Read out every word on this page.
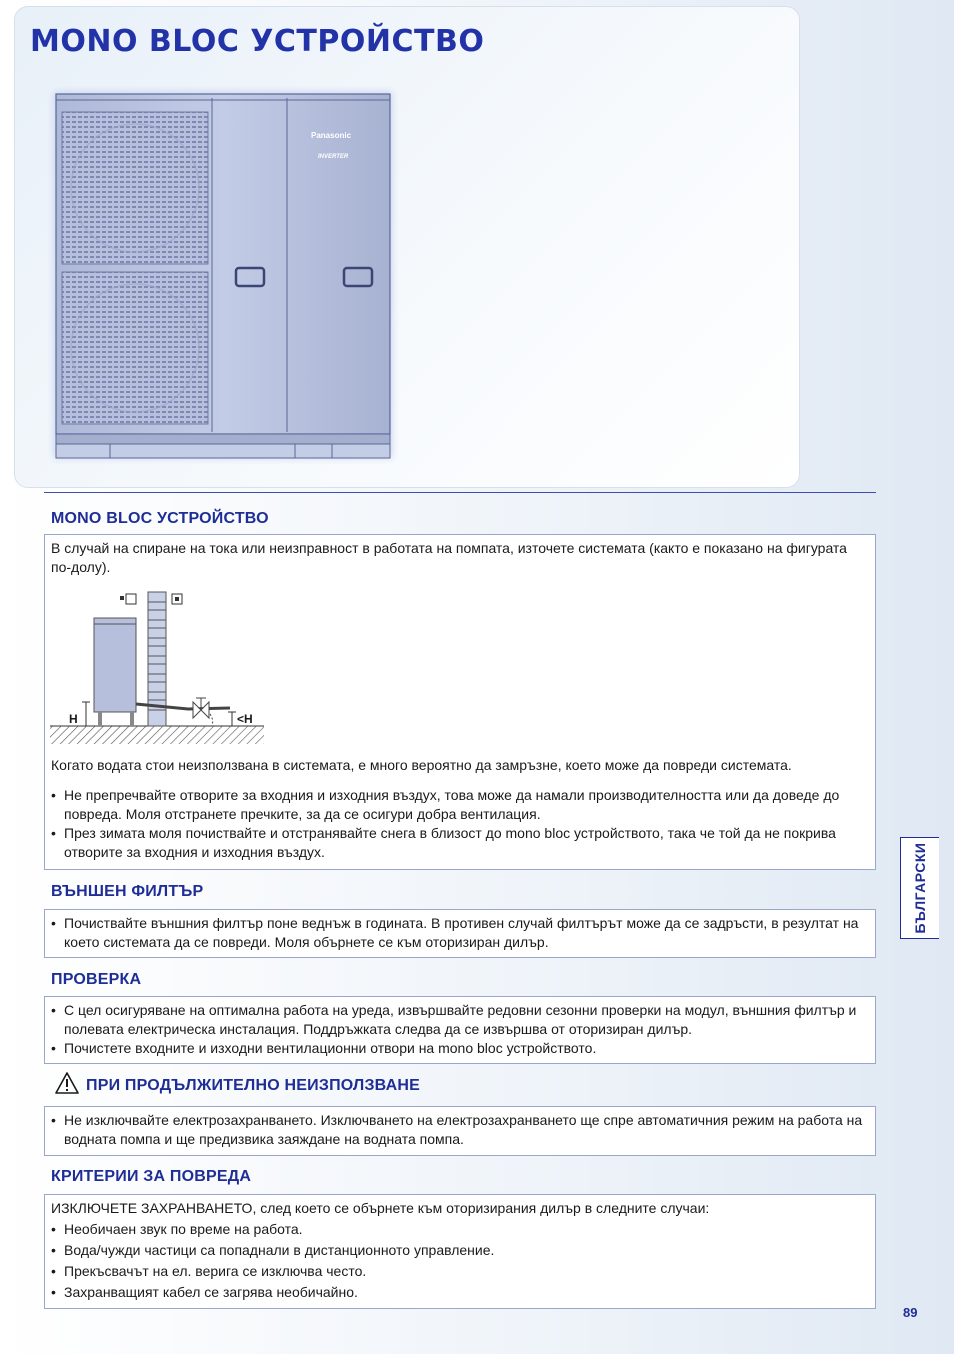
MONO BLOC УСТРОЙСТВО
Panasonic
INVERTER
MONO BLOC УСТРОЙСТВО

В случай на спиране на тока или неизправност в работата на помпата, източете системата (както е показано на фигурата по-долу).

Когато водата стои неизползвана в системата, е много вероятно да замръзне, което може да повреди системата.

• Не препречвайте отворите за входния и изходния въздух, това може да намали производителността или да доведе до повреда. Моля отстранете пречките, за да се осигури добра вентилация.
• През зимата моля почиствайте и отстранявайте снега в близост до mono bloc устройството, така че той да не покрива отворите за входния и изходния въздух.
H	<H
ВЪНШЕН ФИЛТЪР
• Почиствайте външния филтър поне веднъж в годината. В противен случай филтърът може да се задръсти, в резултат на което системата да се повреди. Моля обърнете се към оторизиран дилър.
ПРОВЕРКА
• С цел осигуряване на оптимална работа на уреда, извършвайте редовни сезонни проверки на модул, външния филтър и полевата електрическа инсталация. Поддръжката следва да се извършва от оторизиран дилър.
• Почистете входните и изходни вентилационни отвори на mono bloc устройството.
ПРИ ПРОДЪЛЖИТЕЛНО НЕИЗПОЛЗВАНЕ
• Не изключвайте електрозахранването. Изключването на електрозахранването ще спре автоматичния режим на работа на водната помпа и ще предизвика заяждане на водната помпа.
КРИТЕРИИ ЗА ПОВРЕДА

ИЗКЛЮЧЕТЕ ЗАХРАНВАНЕТО, след което се обърнете към оторизирания дилър в следните случаи:

• Необичаен звук по време на работа.
• Вода/чужди частици са попаднали в дистанционното управление.
• Прекъсвачът на ел. верига се изключва често.
• Захранващият кабел се загрява необичайно.
БЪЛГАРСКИ
89
